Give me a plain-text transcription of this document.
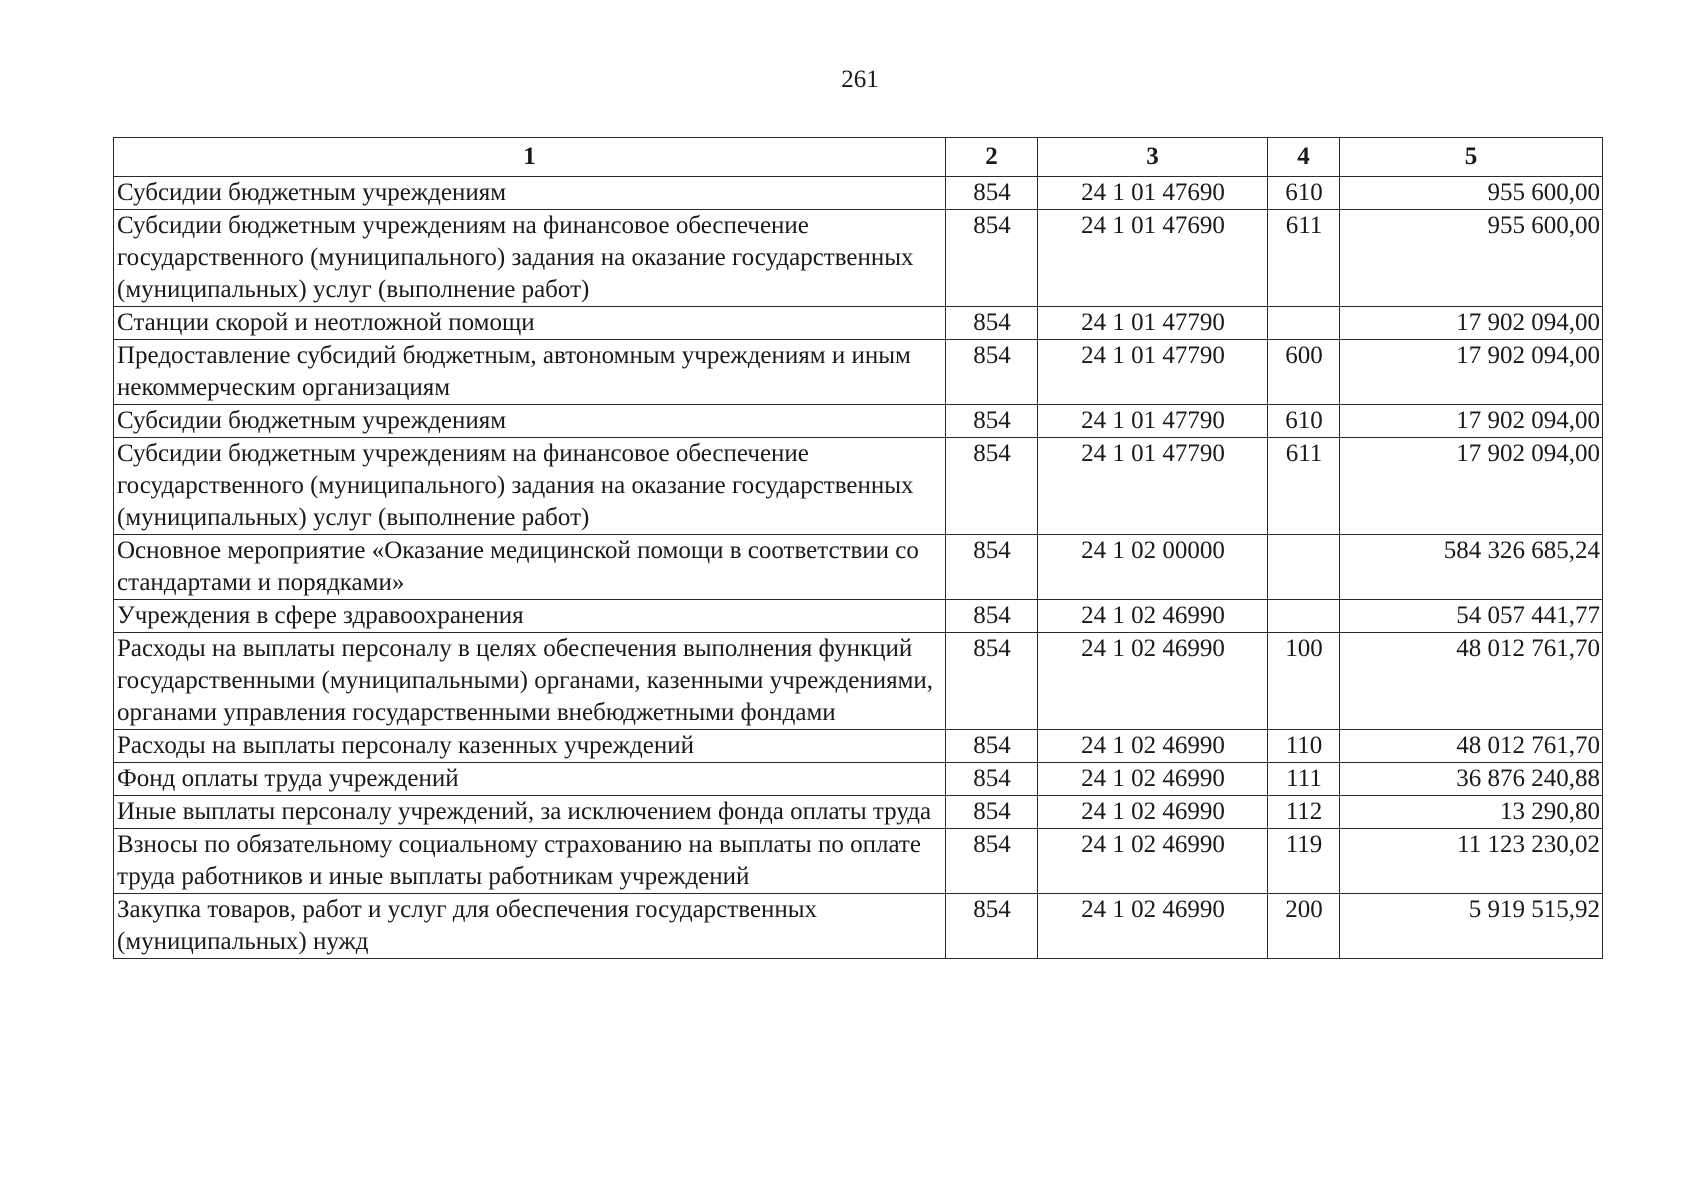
261
1	2	3	4	5
Субсидии бюджетным учреждениям	854	24 1 01 47690	610	955 600,00
Субсидии бюджетным учреждениям на финансовое обеспечение государственного (муниципального) задания на оказание государственных (муниципальных) услуг (выполнение работ)	854	24 1 01 47690	611	955 600,00
Станции скорой и неотложной помощи	854	24 1 01 47790		17 902 094,00
Предоставление субсидий бюджетным, автономным учреждениям и иным некоммерческим организациям	854	24 1 01 47790	600	17 902 094,00
Субсидии бюджетным учреждениям	854	24 1 01 47790	610	17 902 094,00
Субсидии бюджетным учреждениям на финансовое обеспечение государственного (муниципального) задания на оказание государственных (муниципальных) услуг (выполнение работ)	854	24 1 01 47790	611	17 902 094,00
Основное мероприятие «Оказание медицинской помощи в соответствии со стандартами и порядками»	854	24 1 02 00000		584 326 685,24
Учреждения в сфере здравоохранения	854	24 1 02 46990		54 057 441,77
Расходы на выплаты персоналу в целях обеспечения выполнения функций государственными (муниципальными) органами, казенными учреждениями, органами управления государственными внебюджетными фондами	854	24 1 02 46990	100	48 012 761,70
Расходы на выплаты персоналу казенных учреждений	854	24 1 02 46990	110	48 012 761,70
Фонд оплаты труда учреждений	854	24 1 02 46990	111	36 876 240,88
Иные выплаты персоналу учреждений, за исключением фонда оплаты труда	854	24 1 02 46990	112	13 290,80
Взносы по обязательному социальному страхованию на выплаты по оплате труда работников и иные выплаты работникам учреждений	854	24 1 02 46990	119	11 123 230,02
Закупка товаров, работ и услуг для обеспечения государственных (муниципальных) нужд	854	24 1 02 46990	200	5 919 515,92
